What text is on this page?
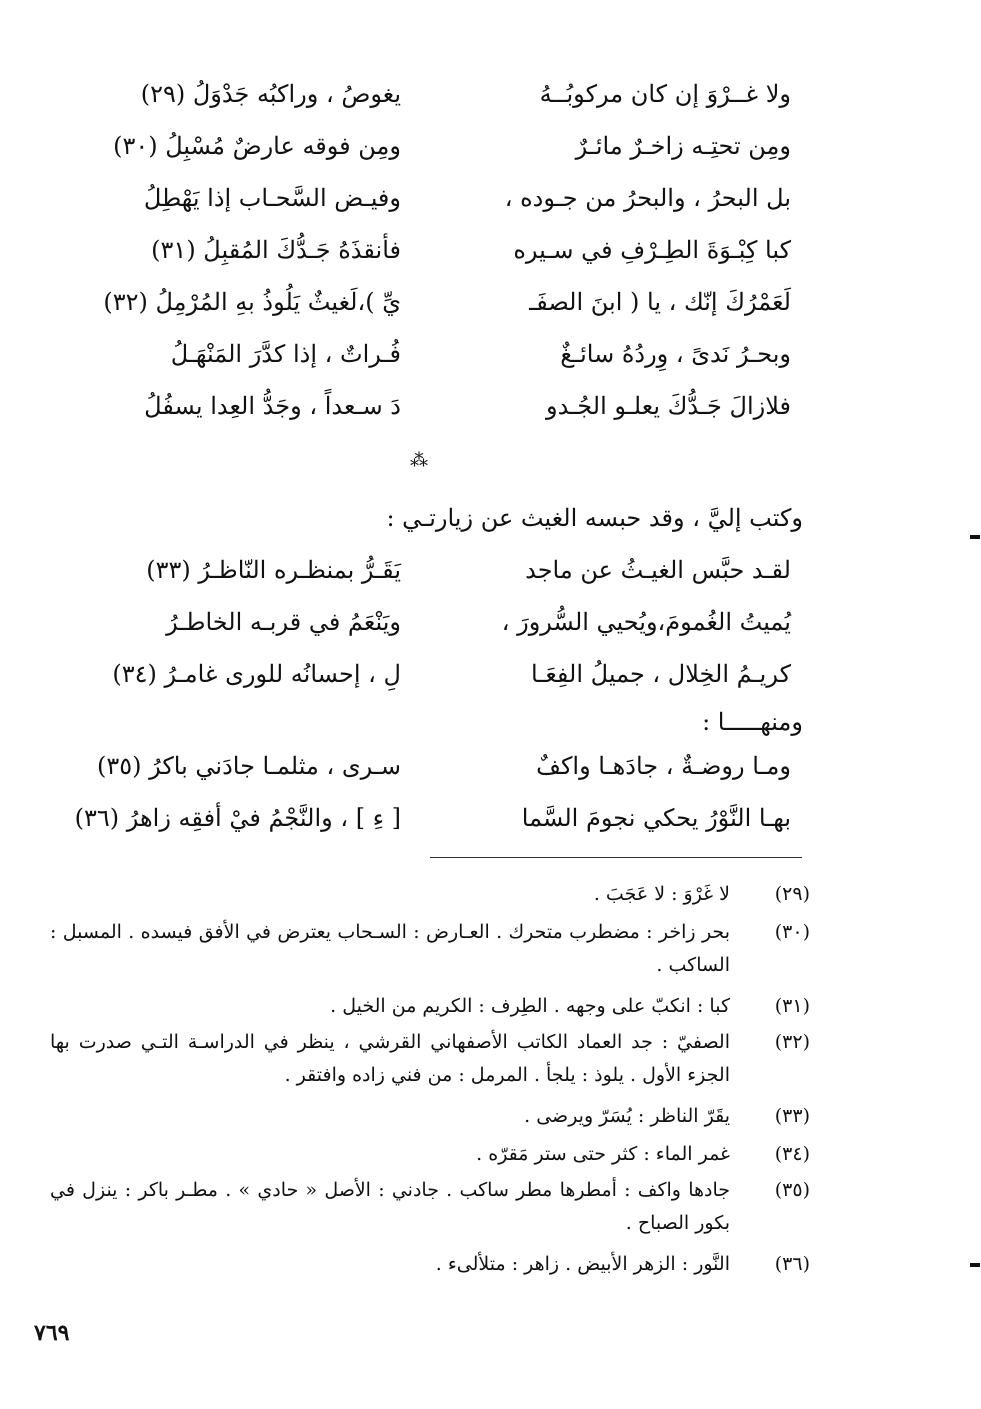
ولا غــرْوَ إن كان مركوبُــهُ
يغوصُ ، وراكبُه جَدْوَلُ (٢٩)
ومِن تحتِـه زاخـرٌ مائـرٌ
ومِن فوقه عارضٌ مُسْبِلُ (٣٠)
بل البحرُ ، والبحرُ من جـوده ،
وفيـض السَّحـاب إذا يَهْطِلُ
كبا كِبْـوَةَ الطِـرْفِ في سـيره
فأنقذَهُ جَـدُّكَ المُقبِلُ (٣١)
لَعَمْرُكَ إنّك ، يا ( ابنَ الصفَـ
يِّ )،لَغيثٌ يَلُوذُ بهِ المُرْمِلُ (٣٢)
وبحـرُ نَدىً ، وِردُهُ سائـغٌ
فُـراتٌ ، إذا كدَّرَ المَنْهَـلُ
فلازالَ جَـدُّكَ يعلـو الجُـدو
دَ سـعداً ، وجَدُّ العِدا يسفُلُ
⁂
وكتب إليَّ ، وقد حبسه الغيث عن زيارتـي :
لقـد حبَّس الغيـثُ عن ماجد
يَقَـرُّ بمنظـره النّاظـرُ (٣٣)
يُميتُ الغُمومَ،ويُحيي السُّرورَ ،
ويَنْعَمُ في قربـه الخاطـرُ
كريـمُ الخِلال ، جميلُ الفِعَـا
لِ ، إحسانُه للورى غامـرُ (٣٤)
ومنهـــــا :
ومـا روضـةٌ ، جادَهـا واكفٌ
سـرى ، مثلمـا جادَني باكرُ (٣٥)
بهـا النَّوْرُ يحكي نجومَ السَّما
[ ءِ ] ، والنَّجْمُ فيْ أفقِه زاهرُ (٣٦)
(٢٩)
لا غَرْوَ : لا عَجَبَ .
(٣٠)
بحر زاخر : مضطرب متحرك . العـارض : السـحاب يعترض في الأفق فيسده . المسبل : الساكب .
(٣١)
كبا : انكبّ على وجهه . الطِرف : الكريم من الخيل .
(٣٢)
الصفيّ : جد العماد الكاتب الأصفهاني القرشي ، ينظر في الدراسـة التـي صدرت بها الجزء الأول . يلوذ : يلجأ . المرمل : من فني زاده وافتقر .
(٣٣)
يقَرّ الناظر : يُسَرّ ويرضى .
(٣٤)
غمر الماء : كثر حتى ستر مَقرّه .
(٣٥)
جادها واكف : أمطرها مطر ساكب . جادني : الأصل « حادي » . مطـر باكر : ينزل في بكور الصباح .
(٣٦)
النَّور : الزهر الأبيض . زاهر : متلألىء .
٧٦٩
